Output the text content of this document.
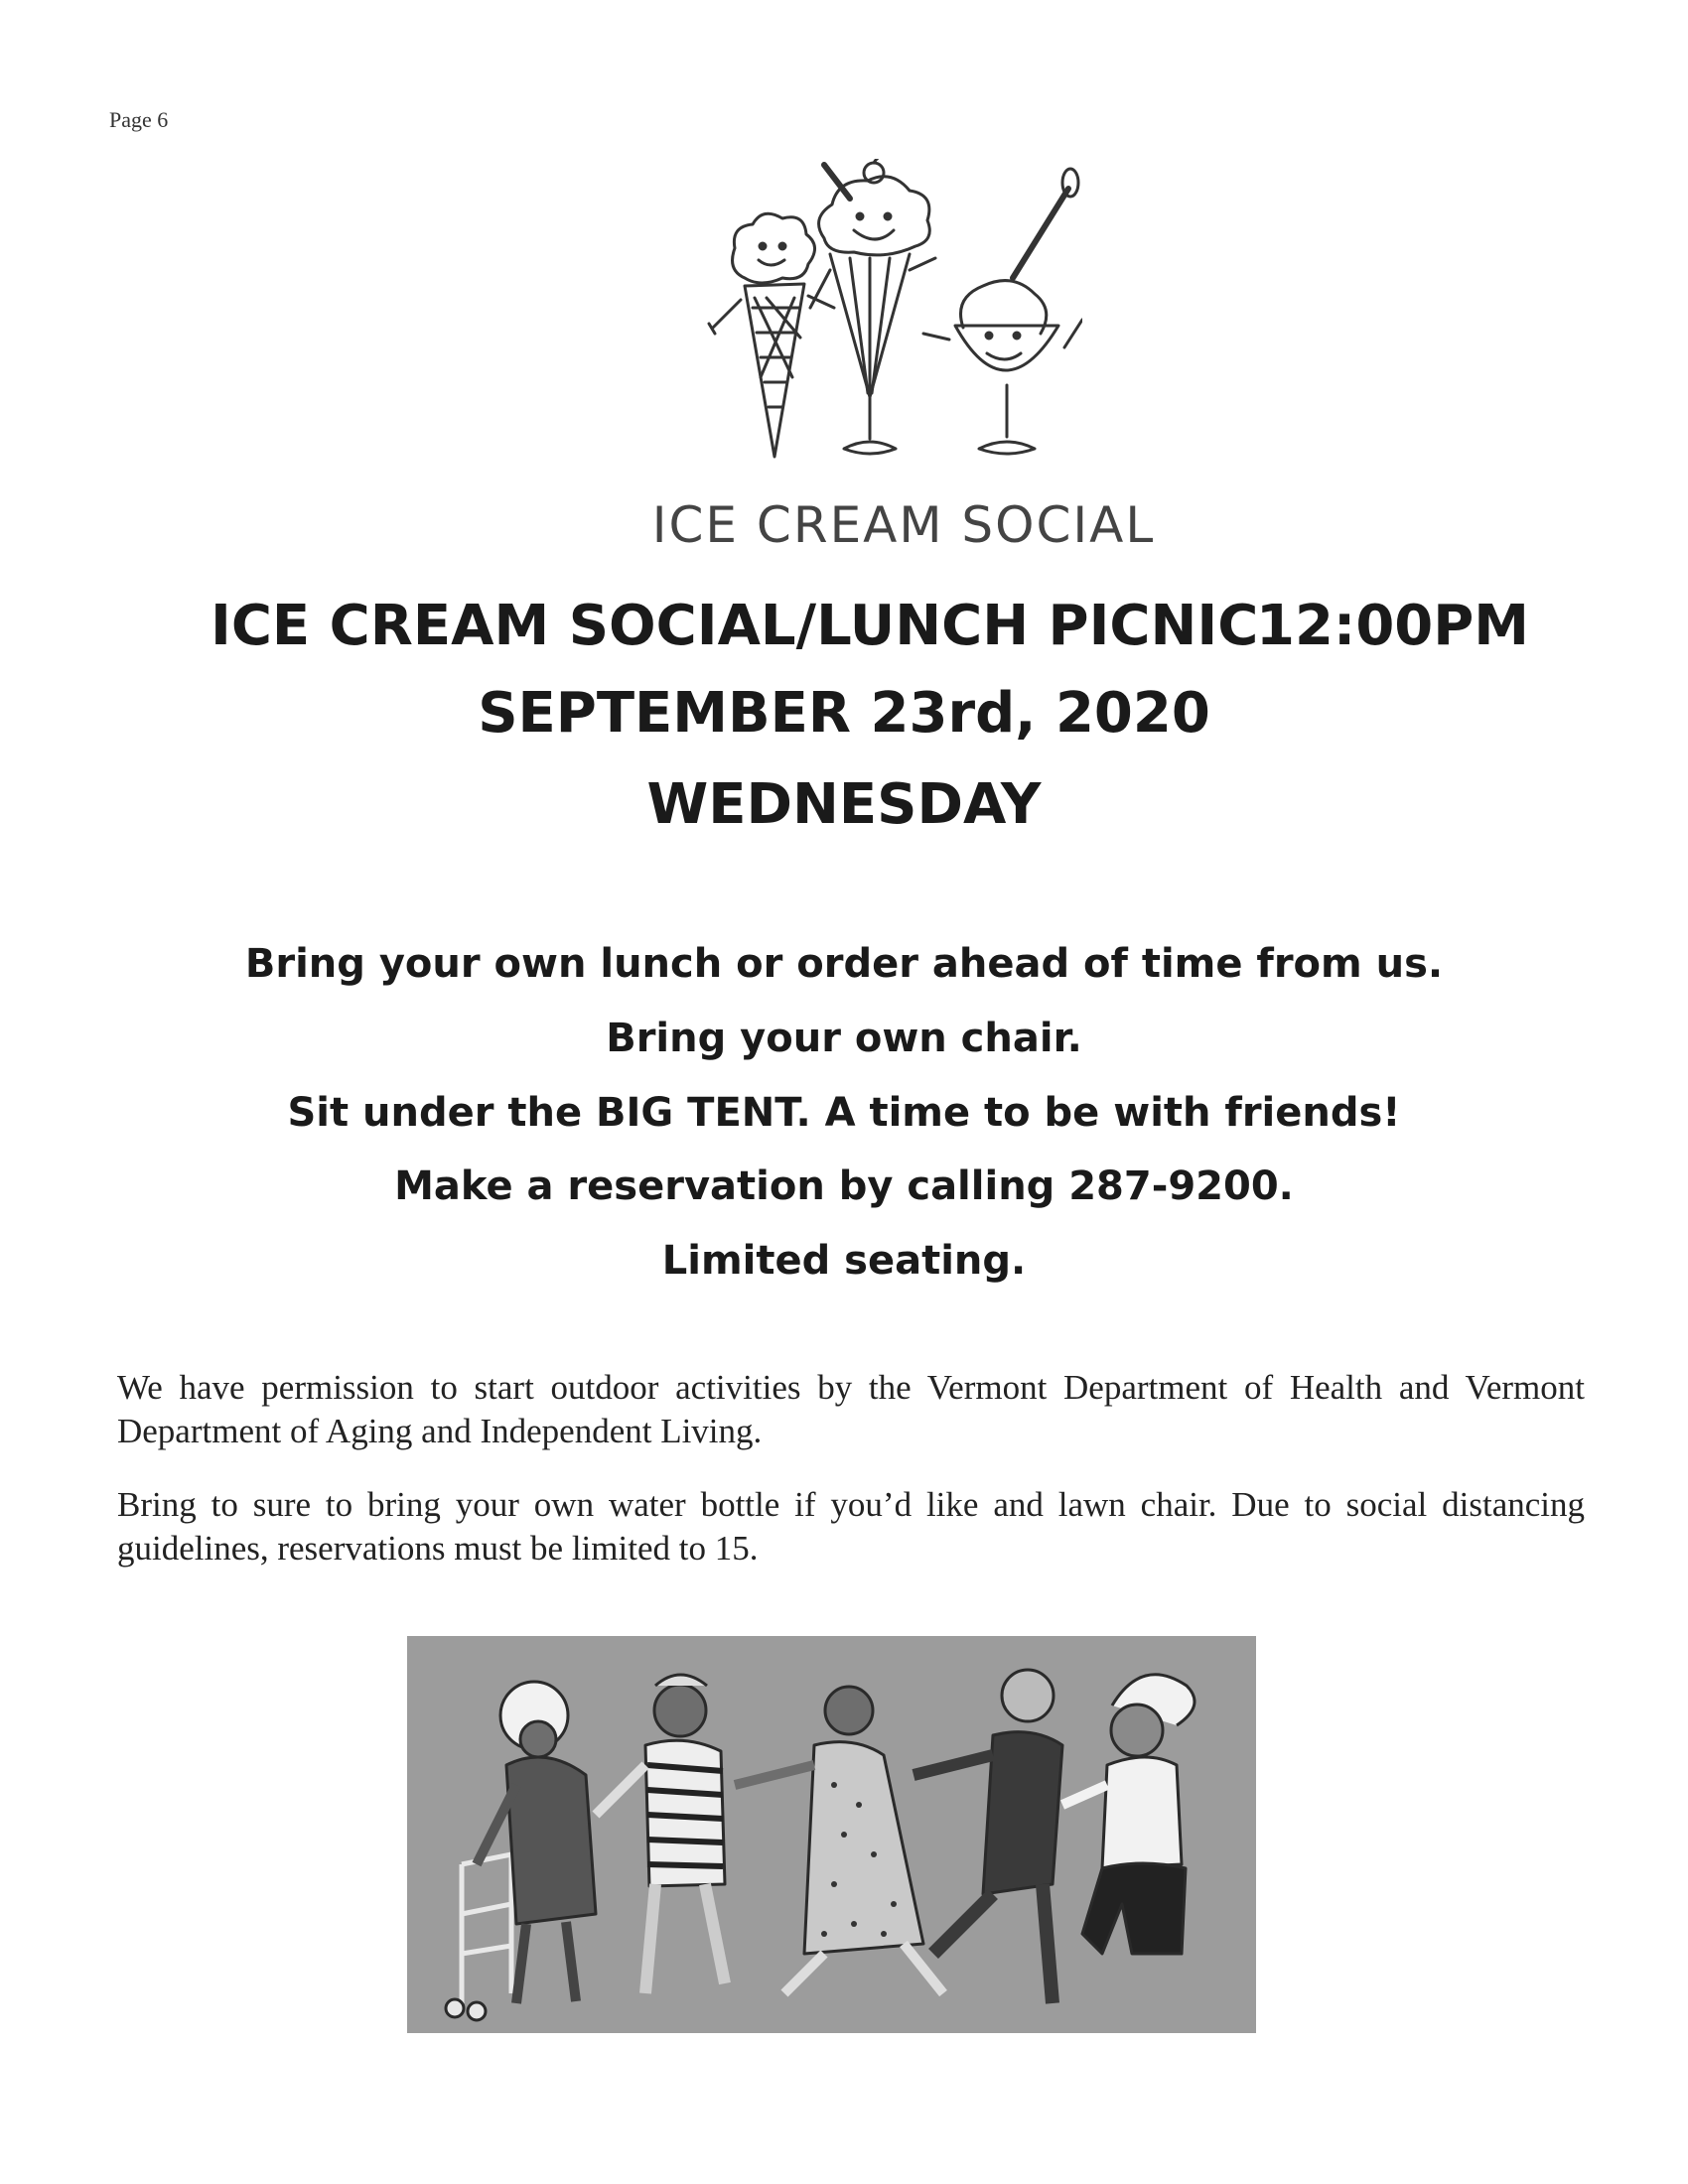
Page 6
ICE CREAM SOCIAL
ICE CREAM SOCIAL/LUNCH PICNIC
12:00PM
SEPTEMBER 23rd, 2020
WEDNESDAY
Bring your own lunch or order ahead of time from us.
Bring your own chair.
Sit under the BIG TENT. A time to be with friends!
Make a reservation by calling 287-9200.
Limited seating.

We have permission to start outdoor activities by the Vermont Department of Health and Vermont Department of Aging and Independent Living.

Bring to sure to bring your own water bottle if you’d like and lawn chair. Due to social distancing guidelines, reservations must be limited to 15.
